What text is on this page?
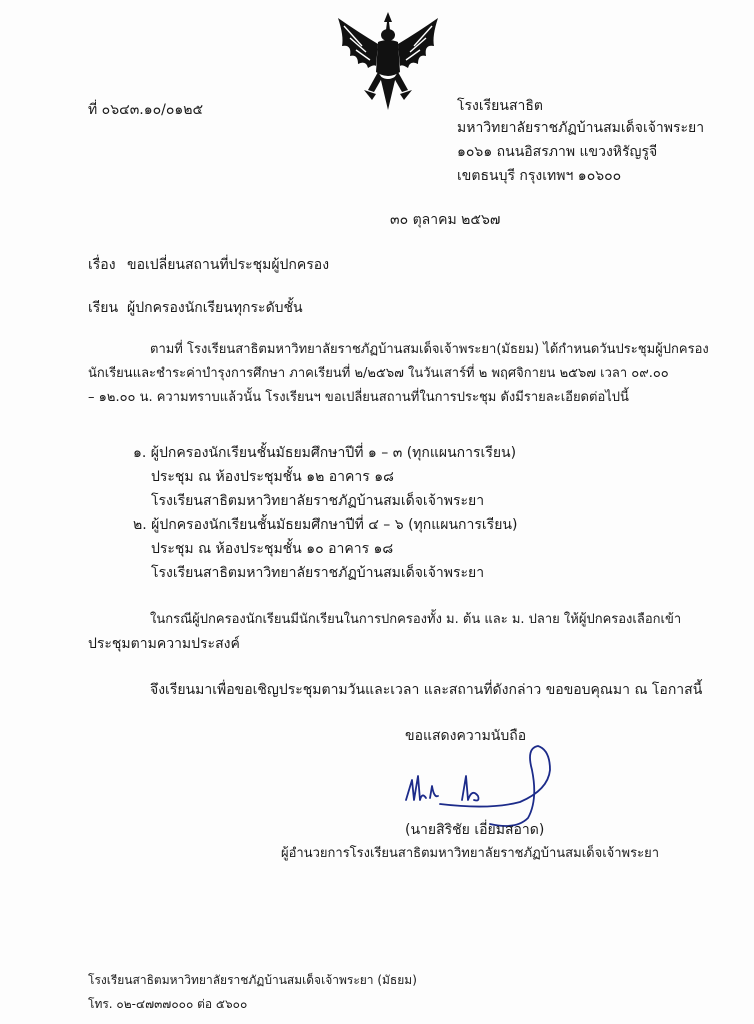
ที่ ๐๖๔๓.๑๐/๐๑๒๕	โรงเรียนสาธิต
มหาวิทยาลัยราชภัฏบ้านสมเด็จเจ้าพระยา
๑๐๖๑ ถนนอิสรภาพ แขวงหิรัญรูจี
เขตธนบุรี กรุงเทพฯ ๑๐๖๐๐
๓๐ ตุลาคม ๒๕๖๗
เรื่อง ขอเปลี่ยนสถานที่ประชุมผู้ปกครอง
เรียน ผู้ปกครองนักเรียนทุกระดับชั้น
ตามที่ โรงเรียนสาธิตมหาวิทยาลัยราชภัฏบ้านสมเด็จเจ้าพระยา(มัธยม) ได้กำหนดวันประชุมผู้ปกครอง
นักเรียนและชำระค่าบำรุงการศึกษา ภาคเรียนที่ ๒/๒๕๖๗ ในวันเสาร์ที่ ๒ พฤศจิกายน ๒๕๖๗ เวลา ๐๙.๐๐
– ๑๒.๐๐ น. ความทราบแล้วนั้น โรงเรียนฯ ขอเปลี่ยนสถานที่ในการประชุม ดังมีรายละเอียดต่อไปนี้
๑. ผู้ปกครองนักเรียนชั้นมัธยมศึกษาปีที่ ๑ – ๓ (ทุกแผนการเรียน)
ประชุม ณ ห้องประชุมชั้น ๑๒ อาคาร ๑๘
โรงเรียนสาธิตมหาวิทยาลัยราชภัฏบ้านสมเด็จเจ้าพระยา
๒. ผู้ปกครองนักเรียนชั้นมัธยมศึกษาปีที่ ๔ – ๖ (ทุกแผนการเรียน)
ประชุม ณ ห้องประชุมชั้น ๑๐ อาคาร ๑๘
โรงเรียนสาธิตมหาวิทยาลัยราชภัฏบ้านสมเด็จเจ้าพระยา
ในกรณีผู้ปกครองนักเรียนมีนักเรียนในการปกครองทั้ง ม. ต้น และ ม. ปลาย ให้ผู้ปกครองเลือกเข้า
ประชุมตามความประสงค์
จึงเรียนมาเพื่อขอเชิญประชุมตามวันและเวลา และสถานที่ดังกล่าว ขอขอบคุณมา ณ โอกาสนี้
ขอแสดงความนับถือ
(นายสิริชัย เอี่ยมสอาด)
ผู้อำนวยการโรงเรียนสาธิตมหาวิทยาลัยราชภัฏบ้านสมเด็จเจ้าพระยา
โรงเรียนสาธิตมหาวิทยาลัยราชภัฏบ้านสมเด็จเจ้าพระยา (มัธยม)
โทร. ๐๒-๔๗๓๗๐๐๐ ต่อ ๕๖๐๐
